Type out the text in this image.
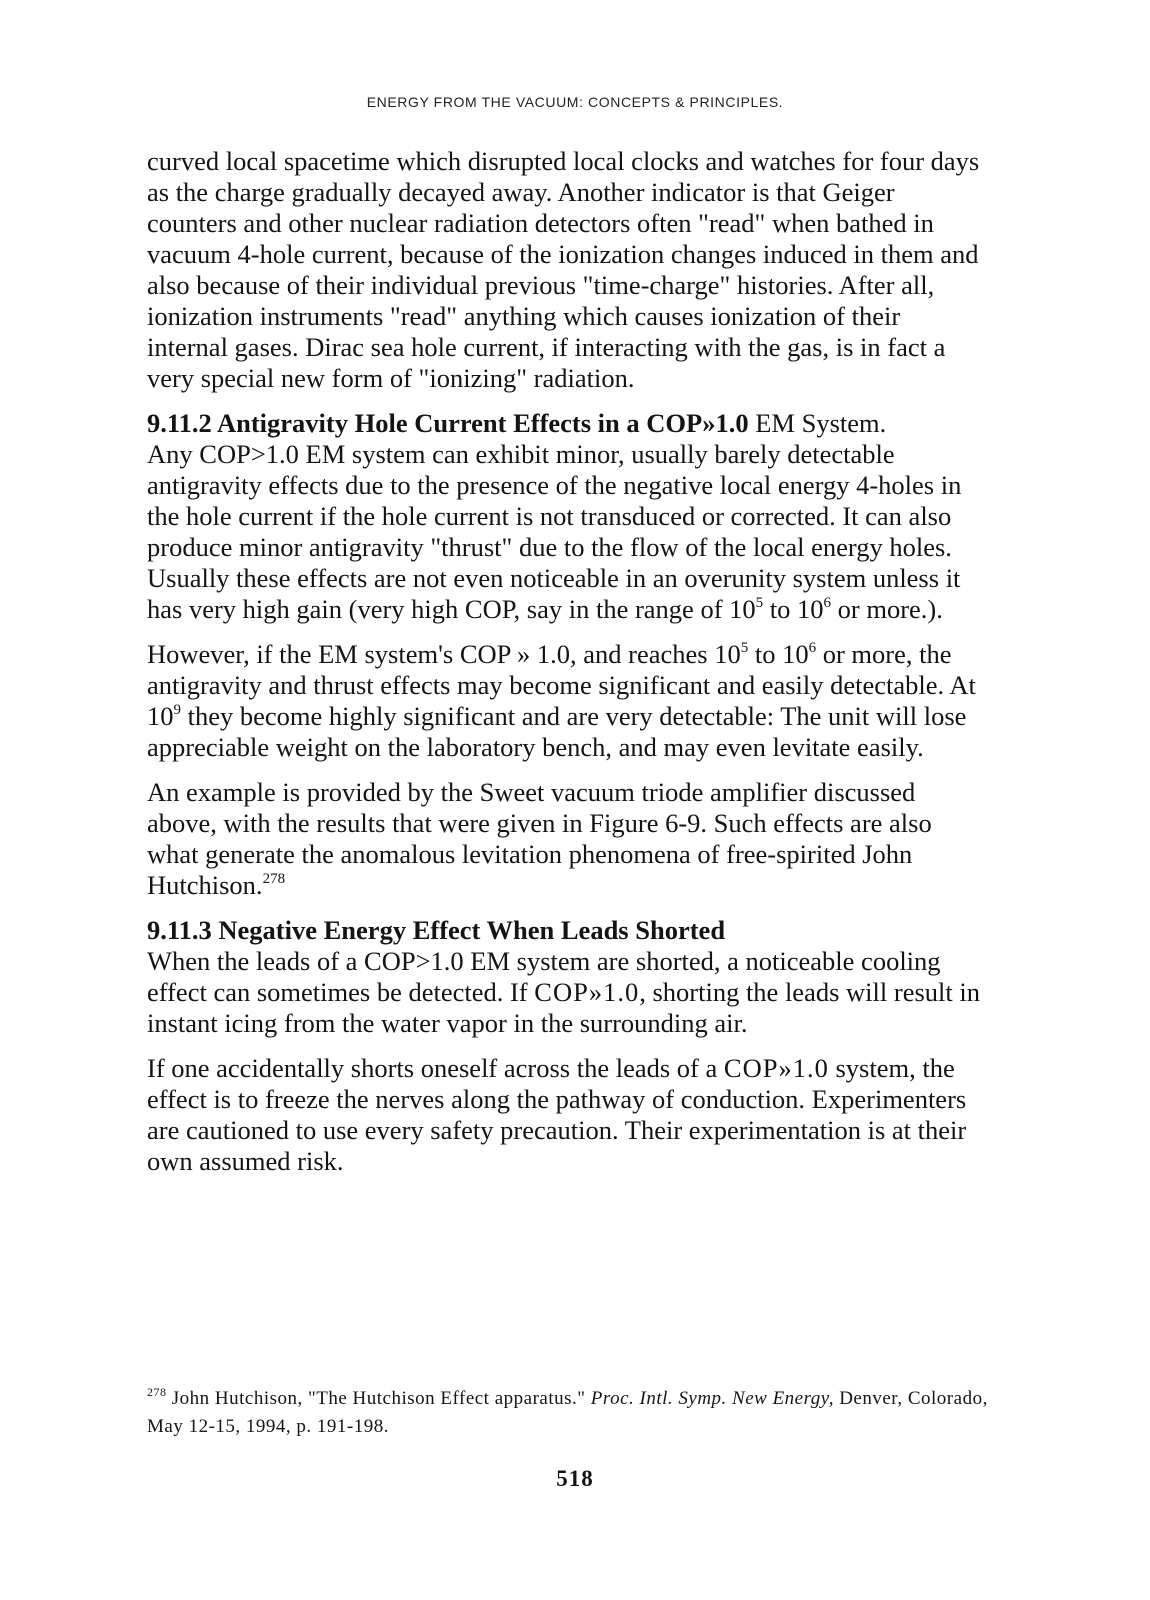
ENERGY FROM THE VACUUM: CONCEPTS & PRINCIPLES.

curved local spacetime which disrupted local clocks and watches for four days as the charge gradually decayed away. Another indicator is that Geiger counters and other nuclear radiation detectors often "read" when bathed in vacuum 4-hole current, because of the ionization changes induced in them and also because of their individual previous "time-charge" histories. After all, ionization instruments "read" anything which causes ionization of their internal gases. Dirac sea hole current, if interacting with the gas, is in fact a very special new form of "ionizing" radiation.

9.11.2 Antigravity Hole Current Effects in a COP»1.0 EM System.
Any COP>1.0 EM system can exhibit minor, usually barely detectable antigravity effects due to the presence of the negative local energy 4-holes in the hole current if the hole current is not transduced or corrected. It can also produce minor antigravity "thrust" due to the flow of the local energy holes. Usually these effects are not even noticeable in an overunity system unless it has very high gain (very high COP, say in the range of $10^5$ to $10^6$ or more.).

However, if the EM system's COP » 1.0, and reaches $10^5$ to $10^6$ or more, the antigravity and thrust effects may become significant and easily detectable. At $10^9$ they become highly significant and are very detectable: The unit will lose appreciable weight on the laboratory bench, and may even levitate easily.

An example is provided by the Sweet vacuum triode amplifier discussed above, with the results that were given in Figure 6-9. Such effects are also what generate the anomalous levitation phenomena of free-spirited John Hutchison.$^{278}$

9.11.3 Negative Energy Effect When Leads Shorted
When the leads of a COP>1.0 EM system are shorted, a noticeable cooling effect can sometimes be detected. If COP»1.0, shorting the leads will result in instant icing from the water vapor in the surrounding air.

If one accidentally shorts oneself across the leads of a COP»1.0 system, the effect is to freeze the nerves along the pathway of conduction. Experimenters are cautioned to use every safety precaution. Their experimentation is at their own assumed risk.

$^{278}$ John Hutchison, "The Hutchison Effect apparatus." Proc. Intl. Symp. New Energy, Denver, Colorado, May 12-15, 1994, p. 191-198.
518
